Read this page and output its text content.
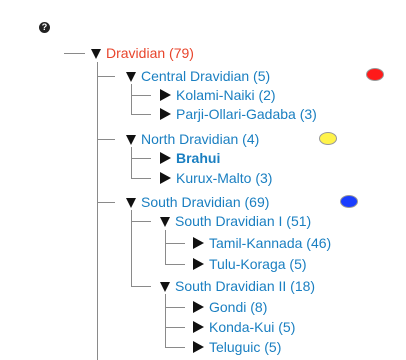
?
Dravidian (79)
Central Dravidian (5)
Kolami-Naiki (2)
Parji-Ollari-Gadaba (3)
North Dravidian (4)
Brahui
Kurux-Malto (3)
South Dravidian (69)
South Dravidian I (51)
Tamil-Kannada (46)
Tulu-Koraga (5)
South Dravidian II (18)
Gondi (8)
Konda-Kui (5)
Teluguic (5)
